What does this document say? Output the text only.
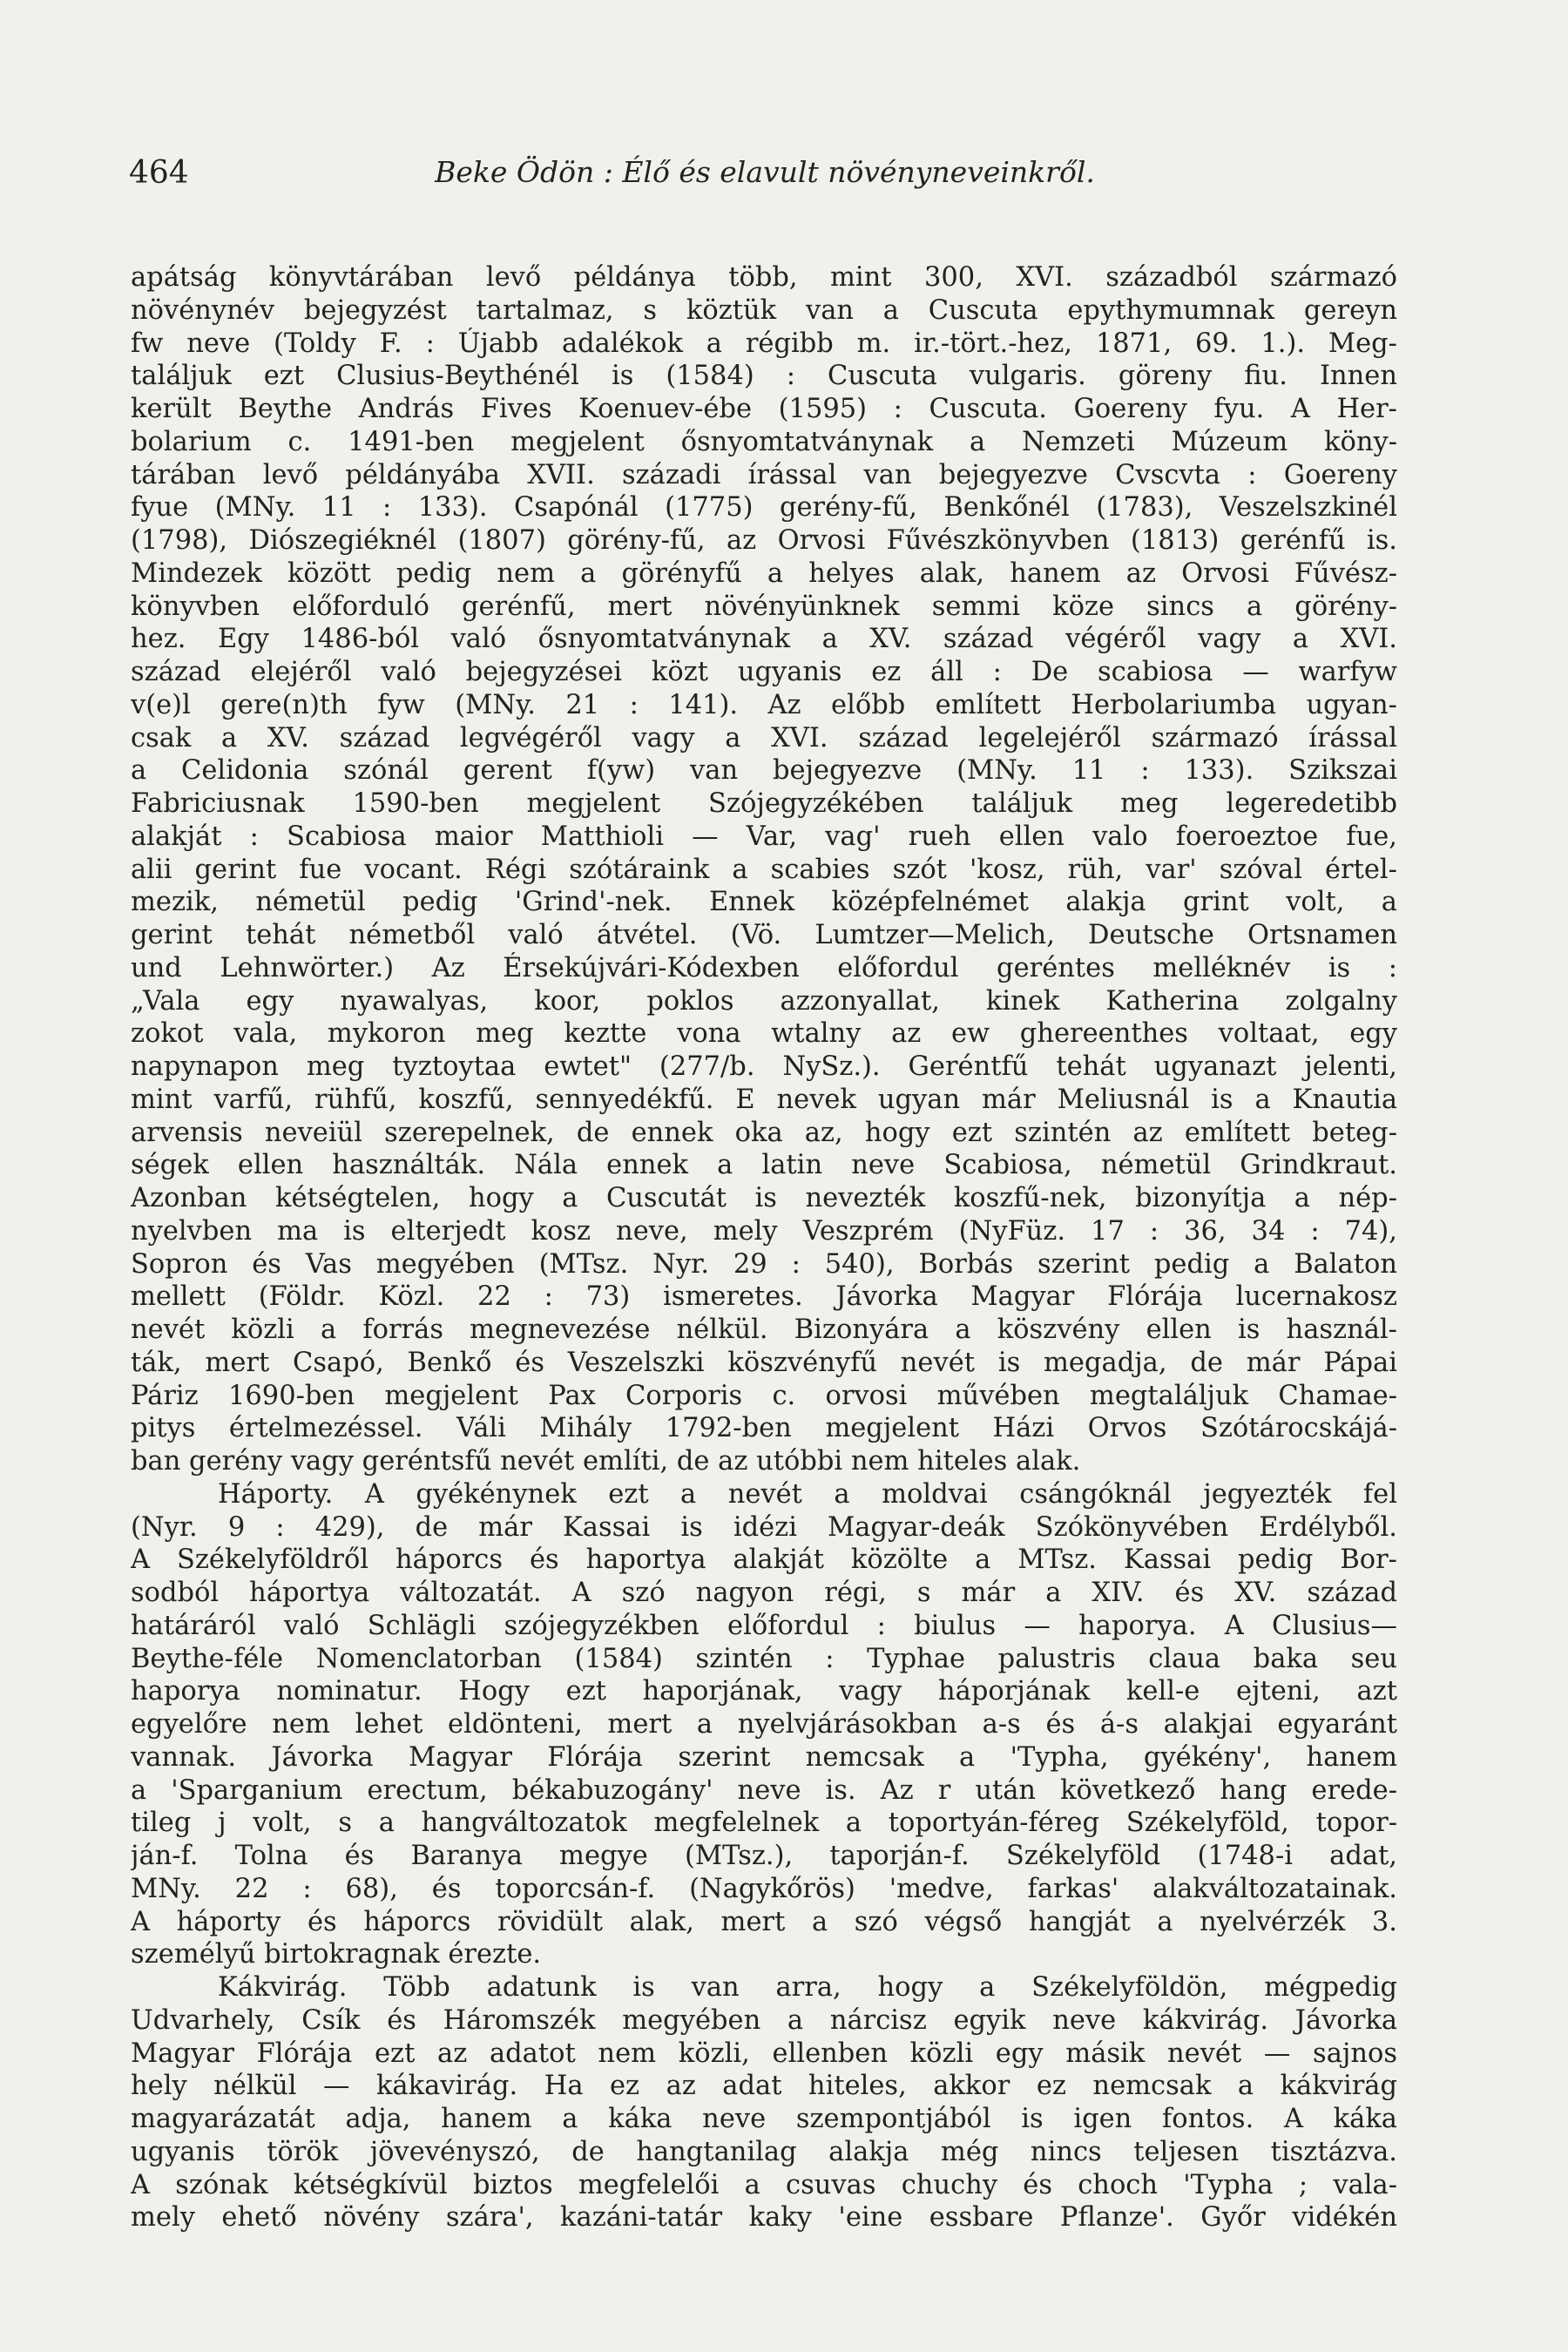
464	Beke Ödön : Élő és elavult növényneveinkről.
apátság könyvtárában levő példánya több, mint 300, XVI. századból származó
növénynév bejegyzést tartalmaz, s köztük van a Cuscuta epythymumnak gereyn
fw neve (Toldy F. : Újabb adalékok a régibb m. ir.-tört.-hez, 1871, 69. 1.). Meg-
találjuk ezt Clusius-Beythénél is (1584) : Cuscuta vulgaris. göreny fiu. Innen
került Beythe András Fives Koenuev-ébe (1595) : Cuscuta. Goereny fyu. A Her-
bolarium c. 1491-ben megjelent ősnyomtatványnak a Nemzeti Múzeum köny-
tárában levő példányába XVII. századi írással van bejegyezve Cvscvta : Goereny
fyue (MNy. 11 : 133). Csapónál (1775) gerény-fű, Benkőnél (1783), Veszelszkinél
(1798), Diószegiéknél (1807) görény-fű, az Orvosi Fűvészkönyvben (1813) gerénfű is.
Mindezek között pedig nem a görényfű a helyes alak, hanem az Orvosi Fűvész-
könyvben előforduló gerénfű, mert növényünknek semmi köze sincs a görény-
hez. Egy 1486-ból való ősnyomtatványnak a XV. század végéről vagy a XVI.
század elejéről való bejegyzései közt ugyanis ez áll : De scabiosa — warfyw
v(e)l gere(n)th fyw (MNy. 21 : 141). Az előbb említett Herbolariumba ugyan-
csak a XV. század legvégéről vagy a XVI. század legelejéről származó írással
a Celidonia szónál gerent f(yw) van bejegyezve (MNy. 11 : 133). Szikszai
Fabriciusnak 1590-ben megjelent Szójegyzékében találjuk meg legeredetibb
alakját : Scabiosa maior Matthioli — Var, vag' rueh ellen valo foeroeztoe fue,
alii gerint fue vocant. Régi szótáraink a scabies szót 'kosz, rüh, var' szóval értel-
mezik, németül pedig 'Grind'-nek. Ennek középfelnémet alakja grint volt, a
gerint tehát németből való átvétel. (Vö. Lumtzer—Melich, Deutsche Ortsnamen
und Lehnwörter.) Az Érsekújvári-Kódexben előfordul geréntes melléknév is :
„Vala egy nyawalyas, koor, poklos azzonyallat, kinek Katherina zolgalny
zokot vala, mykoron meg keztte vona wtalny az ew ghereenthes voltaat, egy
napynapon meg tyztoytaa ewtet" (277/b. NySz.). Geréntfű tehát ugyanazt jelenti,
mint varfű, rühfű, koszfű, sennyedékfű. E nevek ugyan már Meliusnál is a Knautia
arvensis neveiül szerepelnek, de ennek oka az, hogy ezt szintén az említett beteg-
ségek ellen használták. Nála ennek a latin neve Scabiosa, németül Grindkraut.
Azonban kétségtelen, hogy a Cuscutát is nevezték koszfű-nek, bizonyítja a nép-
nyelvben ma is elterjedt kosz neve, mely Veszprém (NyFüz. 17 : 36, 34 : 74),
Sopron és Vas megyében (MTsz. Nyr. 29 : 540), Borbás szerint pedig a Balaton
mellett (Földr. Közl. 22 : 73) ismeretes. Jávorka Magyar Flórája lucernakosz
nevét közli a forrás megnevezése nélkül. Bizonyára a köszvény ellen is használ-
ták, mert Csapó, Benkő és Veszelszki köszvényfű nevét is megadja, de már Pápai
Páriz 1690-ben megjelent Pax Corporis c. orvosi művében megtaláljuk Chamae-
pitys értelmezéssel. Váli Mihály 1792-ben megjelent Házi Orvos Szótárocskájá-
ban gerény vagy geréntsfű nevét említi, de az utóbbi nem hiteles alak.
Háporty. A gyékénynek ezt a nevét a moldvai csángóknál jegyezték fel
(Nyr. 9 : 429), de már Kassai is idézi Magyar-deák Szókönyvében Erdélyből.
A Székelyföldről háporcs és haportya alakját közölte a MTsz. Kassai pedig Bor-
sodból háportya változatát. A szó nagyon régi, s már a XIV. és XV. század
határáról való Schlägli szójegyzékben előfordul : biulus — haporya. A Clusius—
Beythe-féle Nomenclatorban (1584) szintén : Typhae palustris claua baka seu
haporya nominatur. Hogy ezt haporjának, vagy háporjának kell-e ejteni, azt
egyelőre nem lehet eldönteni, mert a nyelvjárásokban a-s és á-s alakjai egyaránt
vannak. Jávorka Magyar Flórája szerint nemcsak a 'Typha, gyékény', hanem
a 'Sparganium erectum, békabuzogány' neve is. Az r után következő hang erede-
tileg j volt, s a hangváltozatok megfelelnek a toportyán-féreg Székelyföld, topor-
ján-f. Tolna és Baranya megye (MTsz.), taporján-f. Székelyföld (1748-i adat,
MNy. 22 : 68), és toporcsán-f. (Nagykőrös) 'medve, farkas' alakváltozatainak.
A háporty és háporcs rövidült alak, mert a szó végső hangját a nyelvérzék 3.
személyű birtokragnak érezte.
Kákvirág. Több adatunk is van arra, hogy a Székelyföldön, mégpedig
Udvarhely, Csík és Háromszék megyében a nárcisz egyik neve kákvirág. Jávorka
Magyar Flórája ezt az adatot nem közli, ellenben közli egy másik nevét — sajnos
hely nélkül — kákavirág. Ha ez az adat hiteles, akkor ez nemcsak a kákvirág
magyarázatát adja, hanem a káka neve szempontjából is igen fontos. A káka
ugyanis török jövevényszó, de hangtanilag alakja még nincs teljesen tisztázva.
A szónak kétségkívül biztos megfelelői a csuvas chuchy és choch 'Typha ; vala-
mely ehető növény szára', kazáni-tatár kaky 'eine essbare Pflanze'. Győr vidékén
